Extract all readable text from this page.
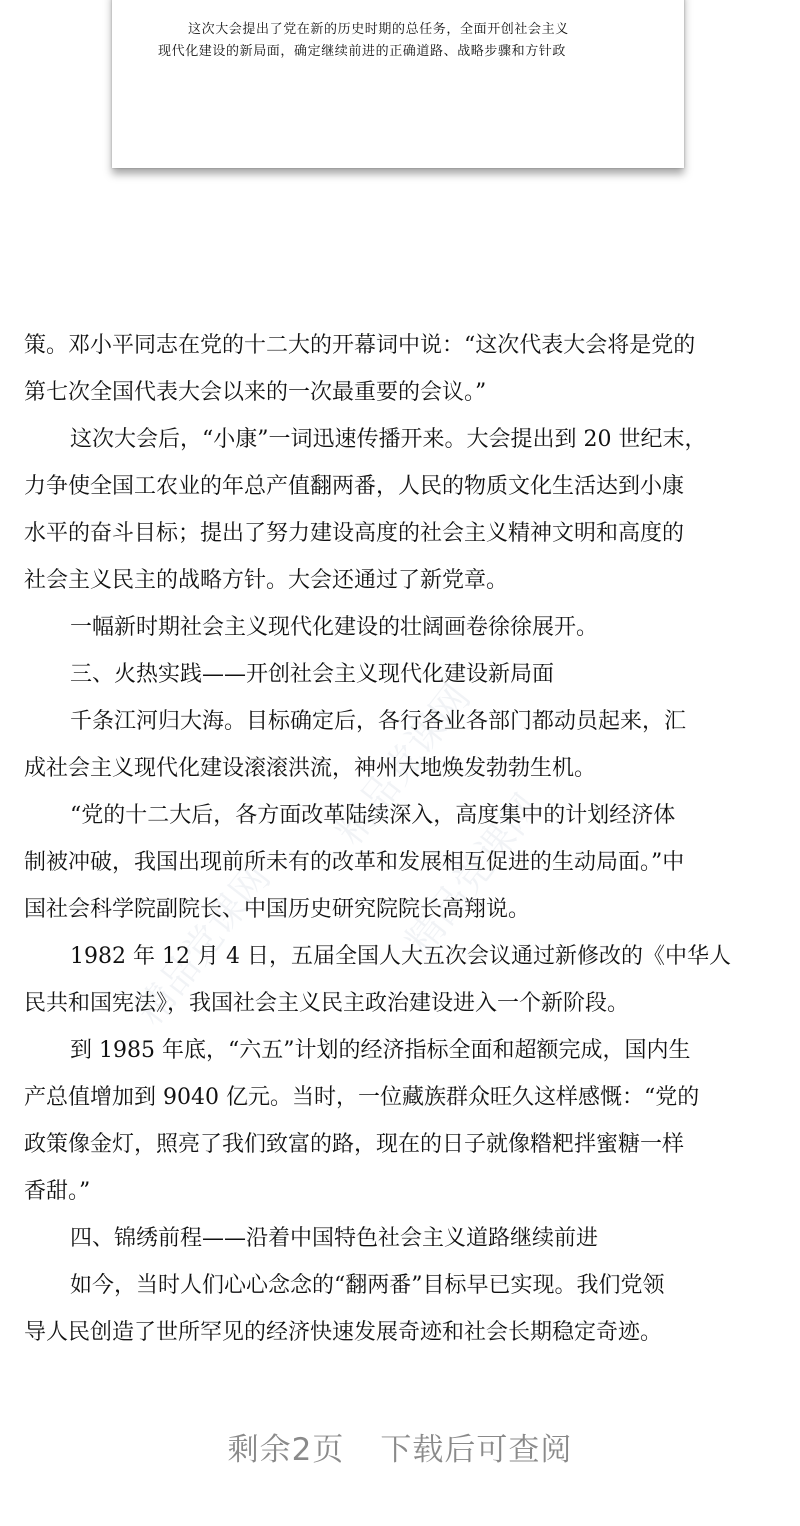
这次大会提出了党在新的历史时期的总任务，全面开创社会主义
现代化建设的新局面，确定继续前进的正确道路、战略步骤和方针政
精品党课网	精品党课网
精品党课网
策。邓小平同志在党的十二大的开幕词中说：“这次代表大会将是党的
第七次全国代表大会以来的一次最重要的会议。”
这次大会后，“小康”一词迅速传播开来。大会提出到 20 世纪末，
力争使全国工农业的年总产值翻两番，人民的物质文化生活达到小康
水平的奋斗目标；提出了努力建设高度的社会主义精神文明和高度的
社会主义民主的战略方针。大会还通过了新党章。
一幅新时期社会主义现代化建设的壮阔画卷徐徐展开。
三、火热实践——开创社会主义现代化建设新局面
千条江河归大海。目标确定后，各行各业各部门都动员起来，汇
成社会主义现代化建设滚滚洪流，神州大地焕发勃勃生机。
“党的十二大后，各方面改革陆续深入，高度集中的计划经济体
制被冲破，我国出现前所未有的改革和发展相互促进的生动局面。”中
国社会科学院副院长、中国历史研究院院长高翔说。
1982 年 12 月 4 日，五届全国人大五次会议通过新修改的《中华人
民共和国宪法》，我国社会主义民主政治建设进入一个新阶段。
到 1985 年底，“六五”计划的经济指标全面和超额完成，国内生
产总值增加到 9040 亿元。当时，一位藏族群众旺久这样感慨：“党的
政策像金灯，照亮了我们致富的路，现在的日子就像糌粑拌蜜糖一样
香甜。”
四、锦绣前程——沿着中国特色社会主义道路继续前进
如今，当时人们心心念念的“翻两番”目标早已实现。我们党领
导人民创造了世所罕见的经济快速发展奇迹和社会长期稳定奇迹。
剩余2页 下载后可查阅
